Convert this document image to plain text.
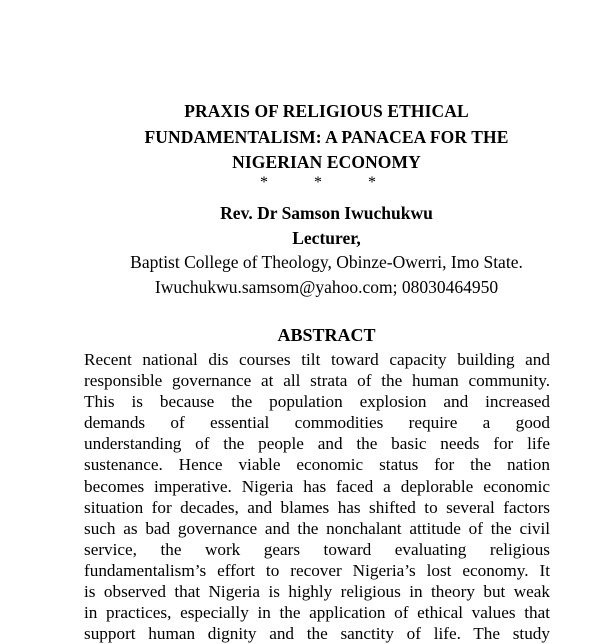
PRAXIS OF RELIGIOUS ETHICAL
FUNDAMENTALISM: A PANACEA FOR THE
NIGERIAN ECONOMY
*	*	*
Rev. Dr Samson Iwuchukwu
Lecturer,
Baptist College of Theology, Obinze-Owerri, Imo State.
Iwuchukwu.samsom@yahoo.com; 08030464950
ABSTRACT
Recent national dis courses tilt toward capacity building and
responsible governance at all strata of the human community.
This is because the population explosion and increased
demands of essential commodities require a good
understanding of the people and the basic needs for life
sustenance. Hence viable economic status for the nation
becomes imperative. Nigeria has faced a deplorable economic
situation for decades, and blames has shifted to several factors
such as bad governance and the nonchalant attitude of the civil
service, the work gears toward evaluating religious
fundamentalism’s effort to recover Nigeria’s lost economy. It
is observed that Nigeria is highly religious in theory but weak
in practices, especially in the application of ethical values that
support human dignity and the sanctity of life. The study
